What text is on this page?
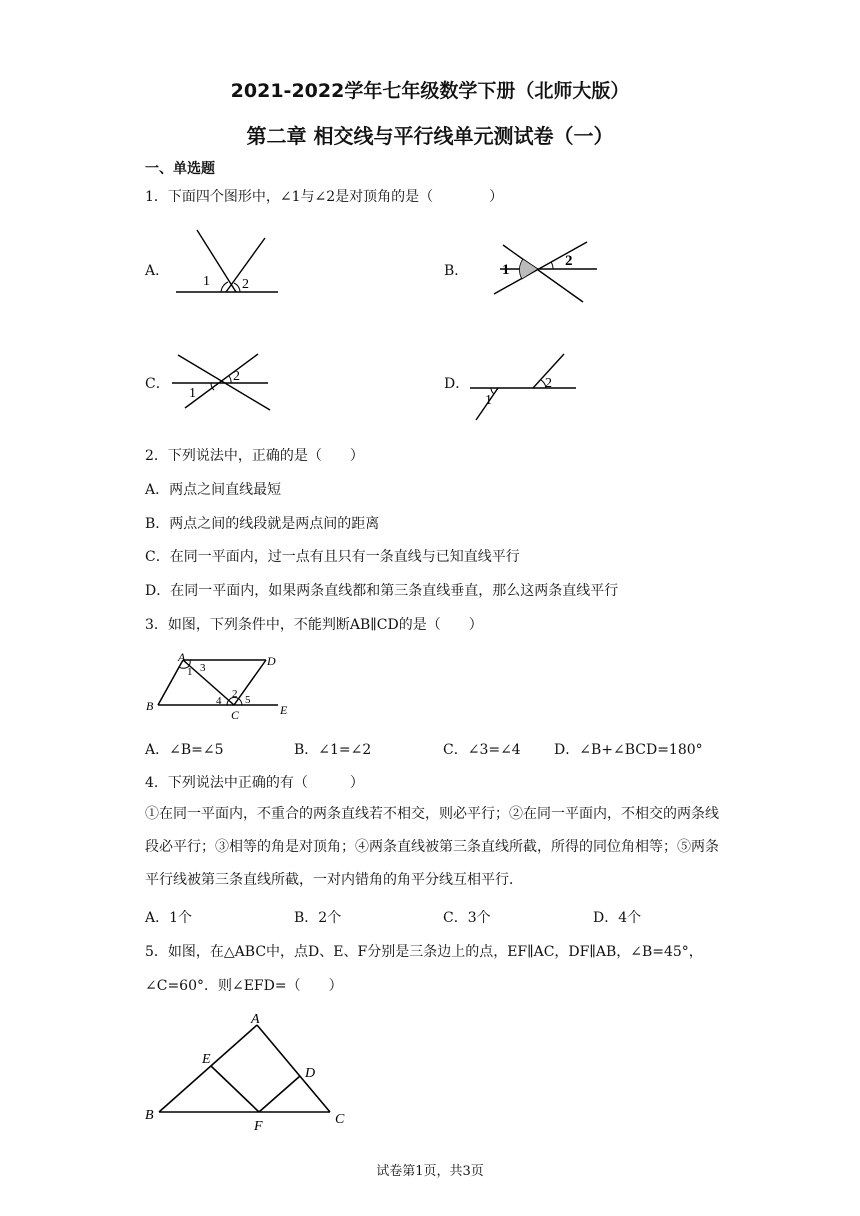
2021-2022学年七年级数学下册（北师大版）
第二章 相交线与平行线单元测试卷（一）
一、单选题
1．下面四个图形中，∠1与∠2是对顶角的是（　　　　）
A．
1 2
B． 1
2
C．
1
2	D．
1
2
2．下列说法中，正确的是（　　）
A．两点之间直线最短
B．两点之间的线段就是两点间的距离
C．在同一平面内，过一点有且只有一条直线与已知直线平行
D．在同一平面内，如果两条直线都和第三条直线垂直，那么这两条直线平行
3．如图，下列条件中，不能判断AB∥CD的是（　　）
A	D
B
C	E
1
2
3
4 5
A．∠B=∠5	B．∠1=∠2	C．∠3=∠4 D．∠B+∠BCD=180°
4．下列说法中正确的有（　　　）
①在同一平面内，不重合的两条直线若不相交，则必平行；②在同一平面内，不相交的两条线段必平行；③相等的角是对顶角；④两条直线被第三条直线所截，所得的同位角相等；⑤两条平行线被第三条直线所截，一对内错角的角平分线互相平行．
A．1个	B．2个	C．3个	D．4个
5．如图，在△ABC中，点D、E、F分别是三条边上的点，EF∥AC，DF∥AB，∠B=45°，
∠C=60°．则∠EFD=（　　）
A
B	C
D
E
F
试卷第1页，共3页
